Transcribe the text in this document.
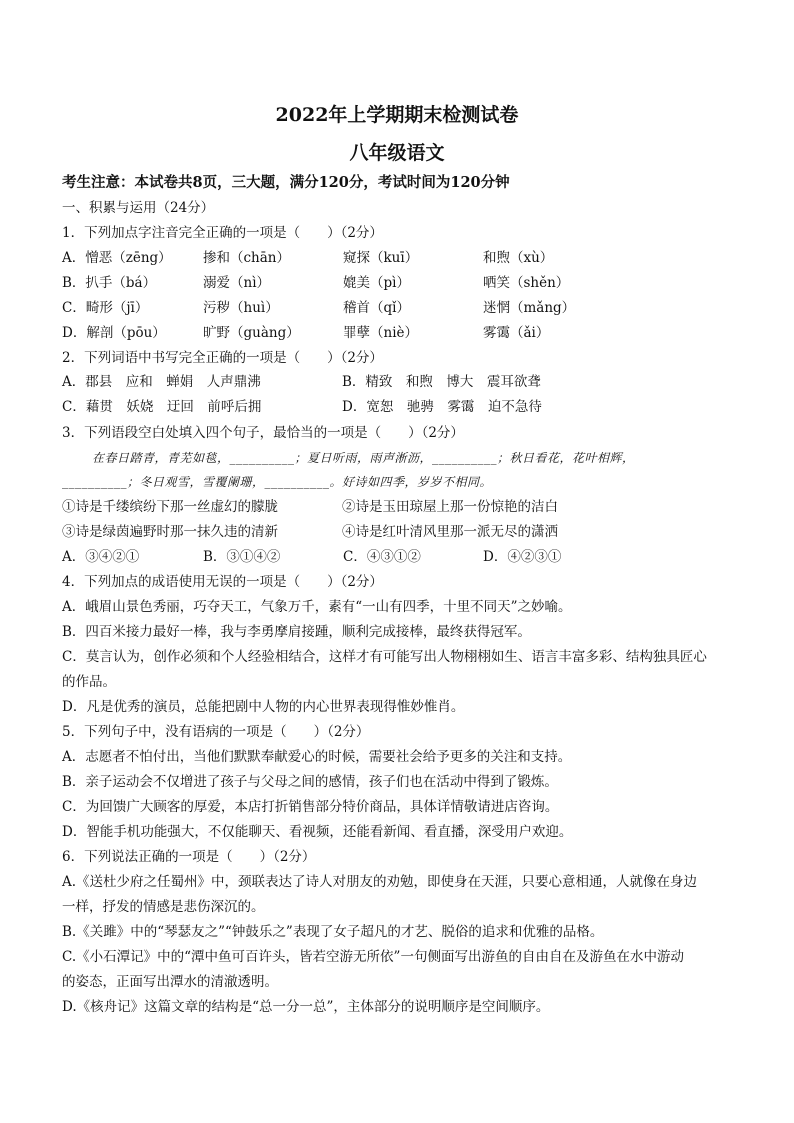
2022年上学期期末检测试卷
八年级语文
考生注意：本试卷共8页，三大题，满分120分，考试时间为120分钟
一、积累与运用（24分）
1．下列加点字注音完全正确的一项是（　　）（2分）
A．憎恶（zēng） 掺和（chān）	窥探（kuī）	和煦（xù）
B．扒手（bá）	溺爱（nì）	媲美（pì）	哂笑（shěn）
C．畸形（jī）	污秽（huì）	稽首（qǐ）	迷惘（mǎng）
D．解剖（pōu）	旷野（guàng）	罪孽（niè）	雾霭（ǎi）
2．下列词语中书写完全正确的一项是（　　）（2分）
A．郡县　应和　蝉娟　人声鼎沸	B．精致　和煦　博大　震耳欲聋
C．藉贯　妖娆　迂回　前呼后拥	D．宽恕　驰骋　雾霭　迫不急待
3．下列语段空白处填入四个句子，最恰当的一项是（　　）（2分）
在春日踏青，青芜如毯，__________；夏日听雨，雨声淅沥，__________；秋日看花，花叶相辉，
__________；冬日观雪，雪覆阑珊，__________。好诗如四季，岁岁不相同。
①诗是千缕缤纷下那一丝虚幻的朦胧	②诗是玉田琼屋上那一份惊艳的洁白
③诗是绿茵遍野时那一抹久违的清新	④诗是红叶清风里那一派无尽的潇洒
A．③④②①	B．③①④②	C．④③①②	D．④②③①
4．下列加点的成语使用无误的一项是（　　）（2分）
A．峨眉山景色秀丽，巧夺天工，气象万千，素有“一山有四季，十里不同天”之妙喻。
B．四百米接力最好一棒，我与李勇摩肩接踵，顺利完成接棒，最终获得冠军。
C．莫言认为，创作必须和个人经验相结合，这样才有可能写出人物栩栩如生、语言丰富多彩、结构独具匠心
的作品。
D．凡是优秀的演员，总能把剧中人物的内心世界表现得惟妙惟肖。
5．下列句子中，没有语病的一项是（　　）（2分）
A．志愿者不怕付出，当他们默默奉献爱心的时候，需要社会给予更多的关注和支持。
B．亲子运动会不仅增进了孩子与父母之间的感情，孩子们也在活动中得到了锻炼。
C．为回馈广大顾客的厚爱，本店打折销售部分特价商品，具体详情敬请进店咨询。
D．智能手机功能强大，不仅能聊天、看视频，还能看新闻、看直播，深受用户欢迎。
6．下列说法正确的一项是（　　）（2分）
A.《送杜少府之任蜀州》中，颈联表达了诗人对朋友的劝勉，即使身在天涯，只要心意相通，人就像在身边
一样，抒发的情感是悲伤深沉的。
B.《关雎》中的“琴瑟友之”“钟鼓乐之”表现了女子超凡的才艺、脱俗的追求和优雅的品格。
C.《小石潭记》中的“潭中鱼可百许头，皆若空游无所依”一句侧面写出游鱼的自由自在及游鱼在水中游动
的姿态，正面写出潭水的清澈透明。
D.《核舟记》这篇文章的结构是“总一分一总”，主体部分的说明顺序是空间顺序。
